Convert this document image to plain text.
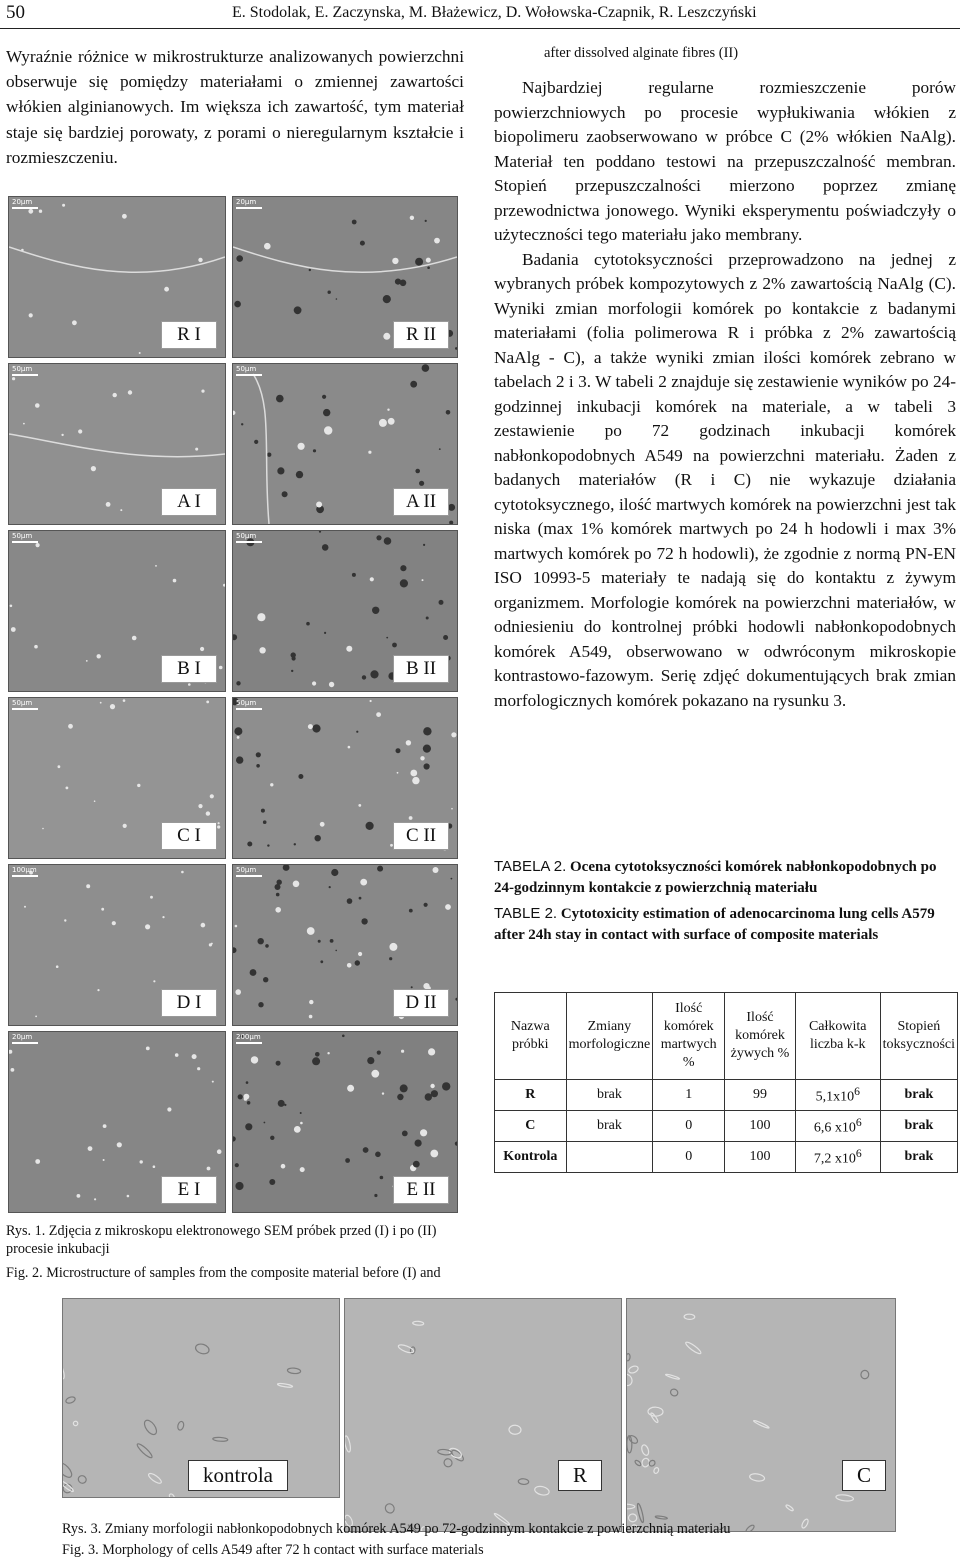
50	E. Stodolak, E. Zaczynska, M. Błażewicz, D. Wołowska-Czapnik, R. Leszczyński

Wyraźnie różnice w mikrostrukturze analizowanych powierzchni obserwuje się pomiędzy materiałami o zmiennej zawartości włókien alginianowych. Im większa ich zawartość, tym materiał staje się bardziej porowaty, z porami o nieregularnym kształcie i rozmieszczeniu.

20µm
R I
50µm
A I
50µm
B I
50µm
C I
100µm
D I
20µm
E I
20µm
R II
50µm
A II
50µm
B II
50µm
C II
50µm
D II
200µm
E II
Rys. 1. Zdjęcia z mikroskopu elektronowego SEM próbek przed (I) i po (II) procesie inkubacji
Fig. 2. Microstructure of samples from the composite material before (I) and
after dissolved alginate fibres (II)

Najbardziej regularne rozmieszczenie porów powierzchniowych po procesie wypłukiwania włókien z biopolimeru zaobserwowano w próbce C (2% włókien NaAlg). Materiał ten poddano testowi na przepuszczalność membran. Stopień przepuszczalności mierzono poprzez zmianę przewodnictwa jonowego. Wyniki eksperymentu poświadczyły o użyteczności tego materiału jako membrany.

Badania cytotoksyczności przeprowadzono na jednej z wybranych próbek kompozytowych z 2% zawartością NaAlg (C). Wyniki zmian morfologii komórek po kontakcie z badanymi materiałami (folia polimerowa R i próbka z 2% zawartością NaAlg - C), a także wyniki zmian ilości komórek zebrano w tabelach 2 i 3. W tabeli 2 znajduje się zestawienie wyników po 24-godzinnej inkubacji komórek na materiale, a w tabeli 3 zestawienie po 72 godzinach inkubacji komórek nabłonkopodobnych A549 na powierzchni materiału. Żaden z badanych materiałów (R i C) nie wykazuje działania cytotoksycznego, ilość martwych komórek na powierzchni jest tak niska (max 1% komórek martwych po 24 h hodowli i max 3% martwych komórek po 72 h hodowli), że zgodnie z normą PN-EN ISO 10993-5 materiały te nadają się do kontaktu z żywym organizmem. Morfologie komórek na powierzchni materiałów, w odniesieniu do kontrolnej próbki hodowli nabłonkopodobnych komórek A549, obserwowano w odwróconym mikroskopie kontrastowo-fazowym. Serię zdjęć dokumentujących brak zmian morfologicznych komórek pokazano na rysunku 3.

TABELA 2. Ocena cytotoksyczności komórek nabłonkopodobnych po 24-godzinnym kontakcie z powierzchnią materiału
TABLE 2. Cytotoxicity estimation of adenocarcinoma lung cells A579 after 24h stay in contact with surface of composite materials
Nazwa próbki	Zmiany morfologiczne	Ilość komórek martwych %	Ilość komórek żywych %	Całkowita liczba k-k	Stopień toksyczności
R	brak	1	99	$5,1x10^6$	brak
C	brak	0	100	6,6 $x10^6$	brak
Kontrola		0	100	7,2 $x10^6$	brak
kontrola	R	C
Rys. 3. Zmiany morfologii nabłonkopodobnych komórek A549 po 72-godzinnym kontakcie z powierzchnią materiału
Fig. 3. Morphology of cells A549 after 72 h contact with surface materials
